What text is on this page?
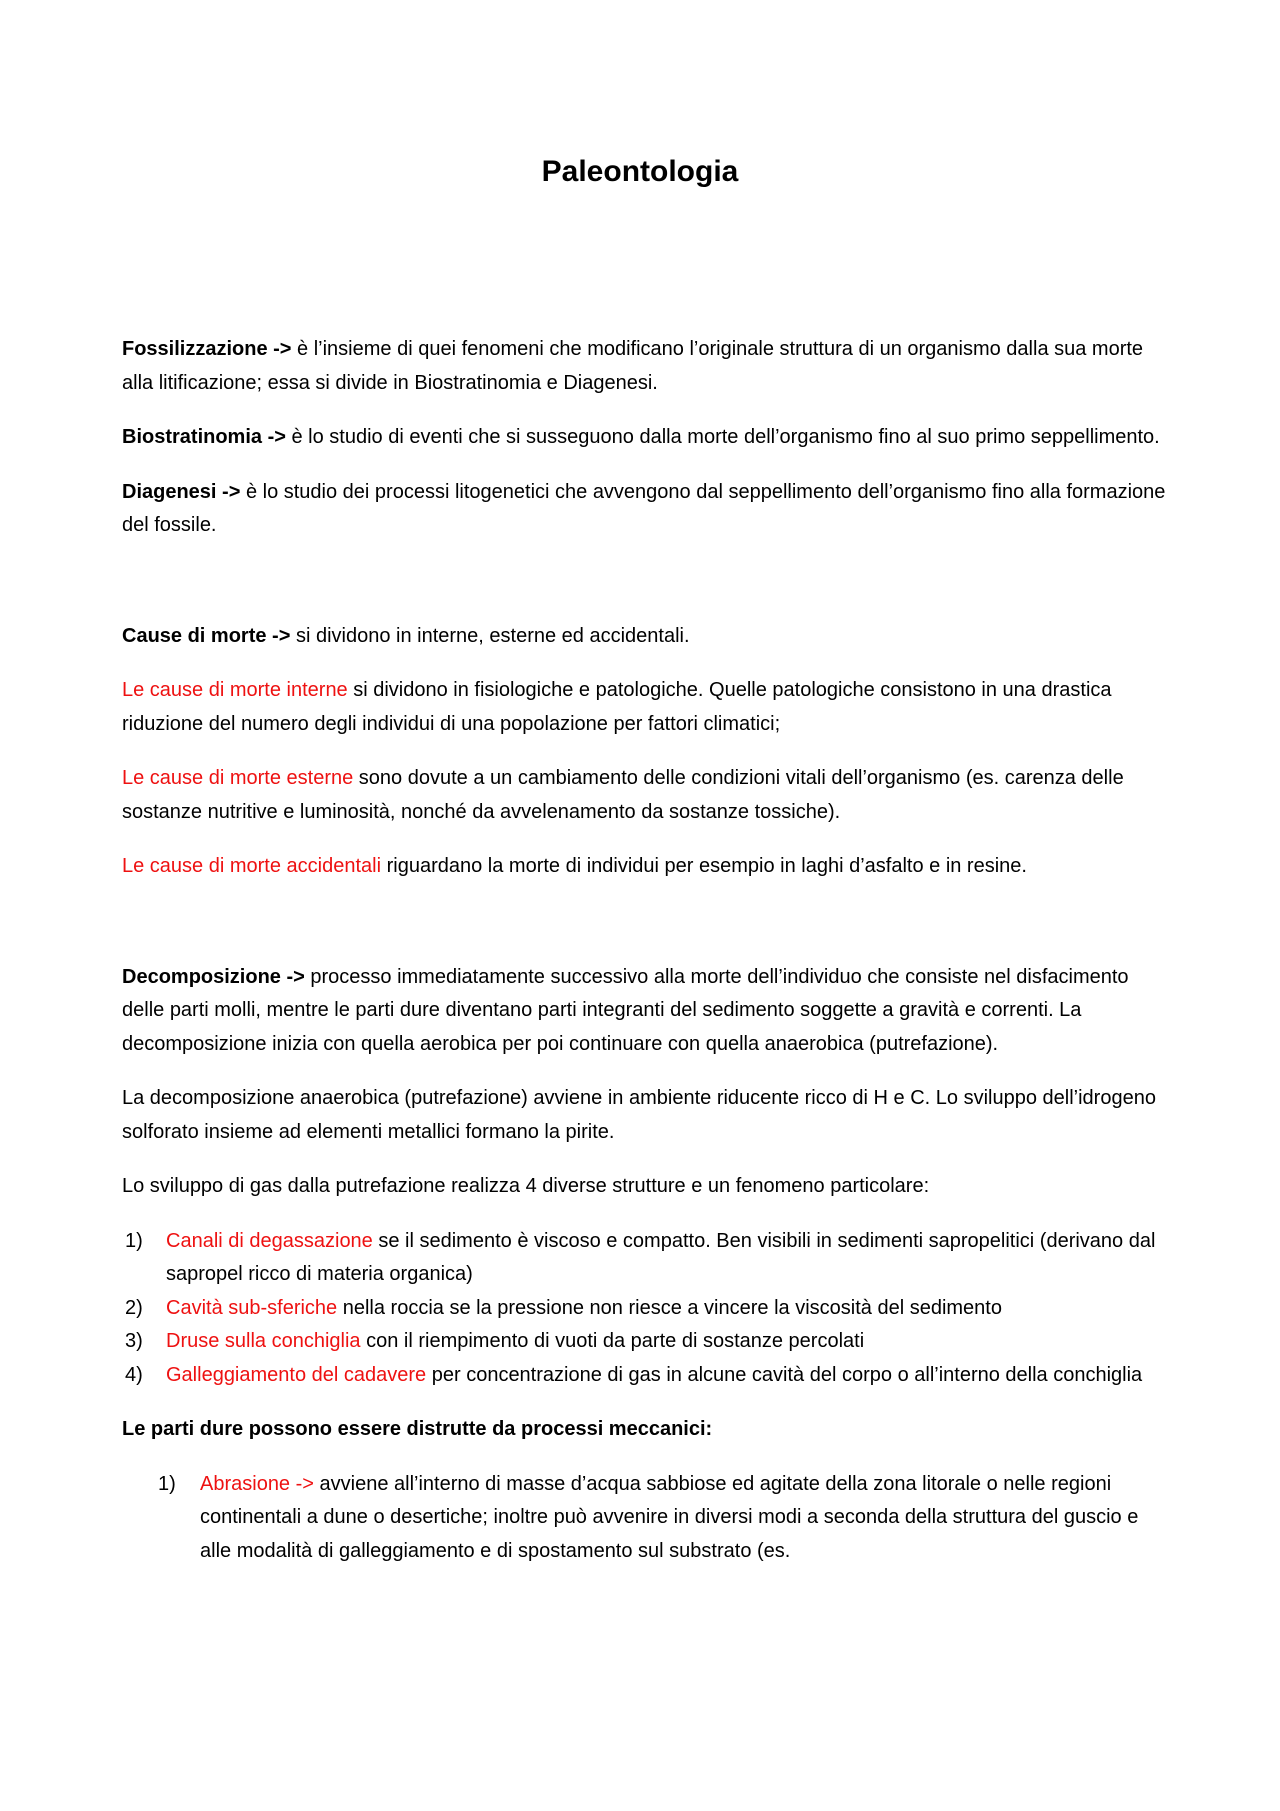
Paleontologia

Fossilizzazione -> è l’insieme di quei fenomeni che modificano l’originale struttura di un organismo dalla sua morte alla litificazione; essa si divide in Biostratinomia e Diagenesi.

Biostratinomia -> è lo studio di eventi che si susseguono dalla morte dell’organismo fino al suo primo seppellimento.

Diagenesi -> è lo studio dei processi litogenetici che avvengono dal seppellimento dell’organismo fino alla formazione del fossile.

Cause di morte -> si dividono in interne, esterne ed accidentali.

Le cause di morte interne si dividono in fisiologiche e patologiche. Quelle patologiche consistono in una drastica riduzione del numero degli individui di una popolazione per fattori climatici;

Le cause di morte esterne sono dovute a un cambiamento delle condizioni vitali dell’organismo (es. carenza delle sostanze nutritive e luminosità, nonché da avvelenamento da sostanze tossiche).

Le cause di morte accidentali riguardano la morte di individui per esempio in laghi d’asfalto e in resine.

Decomposizione -> processo immediatamente successivo alla morte dell’individuo che consiste nel disfacimento delle parti molli, mentre le parti dure diventano parti integranti del sedimento soggette a gravità e correnti. La decomposizione inizia con quella aerobica per poi continuare con quella anaerobica (putrefazione).

La decomposizione anaerobica (putrefazione) avviene in ambiente riducente ricco di H e C. Lo sviluppo dell’idrogeno solforato insieme ad elementi metallici formano la pirite.

Lo sviluppo di gas dalla putrefazione realizza 4 diverse strutture e un fenomeno particolare:

1) Canali di degassazione se il sedimento è viscoso e compatto. Ben visibili in sedimenti sapropelitici (derivano dal sapropel ricco di materia organica)
2) Cavità sub-sferiche nella roccia se la pressione non riesce a vincere la viscosità del sedimento
3) Druse sulla conchiglia con il riempimento di vuoti da parte di sostanze percolati
4) Galleggiamento del cadavere per concentrazione di gas in alcune cavità del corpo o all’interno della conchiglia

Le parti dure possono essere distrutte da processi meccanici:

1) Abrasione -> avviene all’interno di masse d’acqua sabbiose ed agitate della zona litorale o nelle regioni continentali a dune o desertiche; inoltre può avvenire in diversi modi a seconda della struttura del guscio e alle modalità di galleggiamento e di spostamento sul substrato (es.
